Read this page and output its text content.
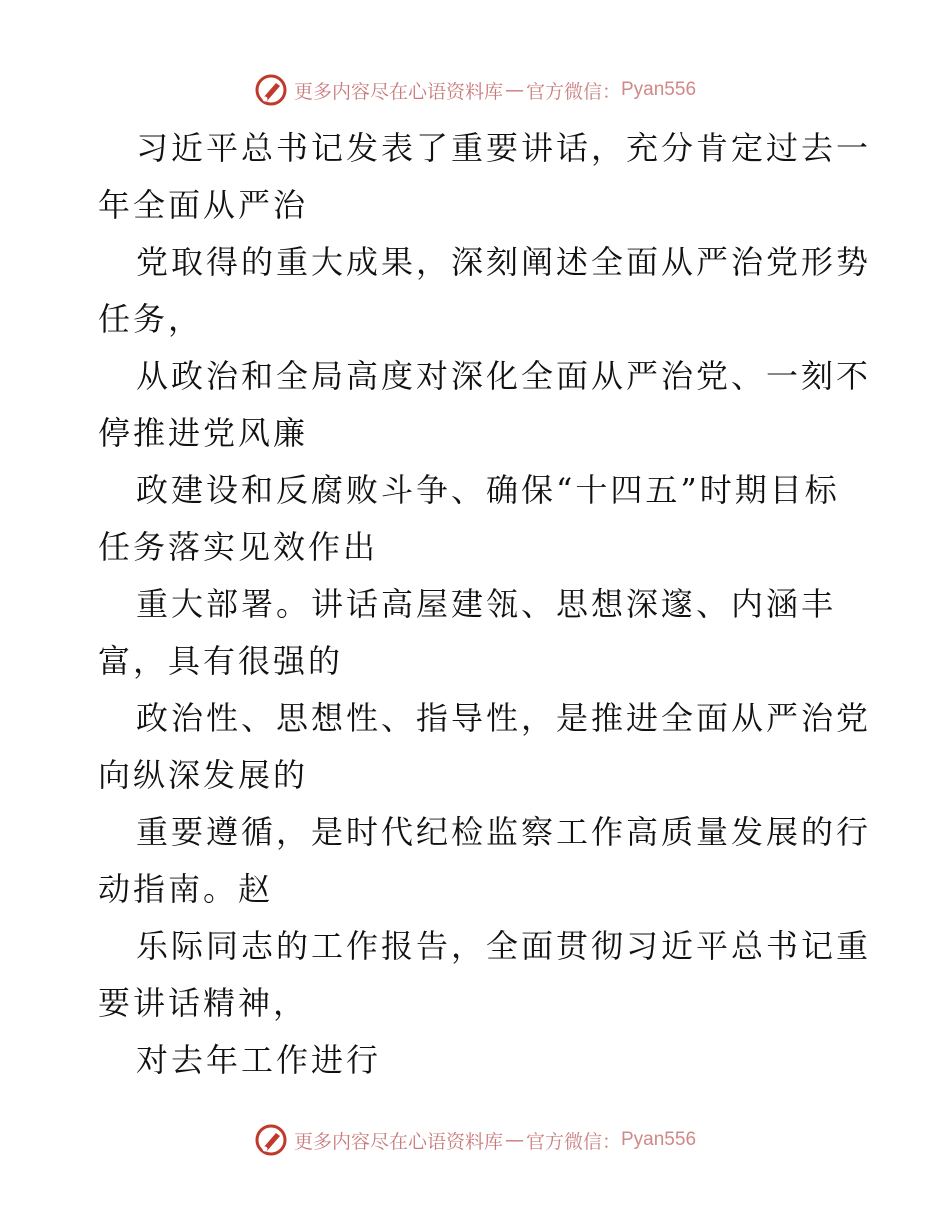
更多内容尽在心语资料库 — 官方微信： Pyan556

习近平总书记发表了重要讲话，充分肯定过去一
年全面从严治

党取得的重大成果，深刻阐述全面从严治党形势
任务，

从政治和全局高度对深化全面从严治党、一刻不
停推进党风廉

政建设和反腐败斗争、确保“十四五”时期目标
任务落实见效作出

重大部署。讲话高屋建瓴、思想深邃、内涵丰
富，具有很强的

政治性、思想性、指导性，是推进全面从严治党
向纵深发展的

重要遵循，是时代纪检监察工作高质量发展的行
动指南。赵

乐际同志的工作报告，全面贯彻习近平总书记重
要讲话精神，

对去年工作进行

更多内容尽在心语资料库 — 官方微信： Pyan556
